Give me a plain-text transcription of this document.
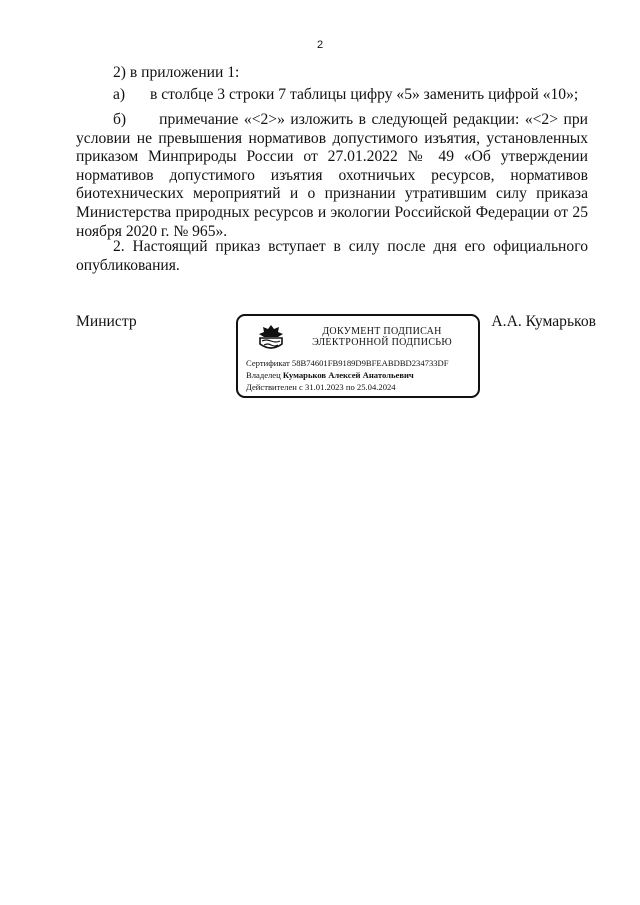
2

2) в приложении 1:

а)	в столбце 3 строки 7 таблицы цифру «5» заменить цифрой «10»;

б) примечание «<2>» изложить в следующей редакции: «<2> при условии не превышения нормативов допустимого изъятия, установленных приказом Минприроды России от 27.01.2022 № 49 «Об утверждении нормативов допустимого изъятия охотничьих ресурсов, нормативов биотехнических мероприятий и о признании утратившим силу приказа Министерства природных ресурсов и экологии Российской Федерации от 25 ноября 2020 г. № 965».

2. Настоящий приказ вступает в силу после дня его официального опубликования.

Министр	А.А. Кумарьков
ДОКУМЕНТ ПОДПИСАН
ЭЛЕКТРОННОЙ ПОДПИСЬЮ
Сертификат 58B74601FB9189D9BFEABDBD234733DF
Владелец Кумарьков Алексей Анатольевич
Действителен с 31.01.2023 по 25.04.2024
